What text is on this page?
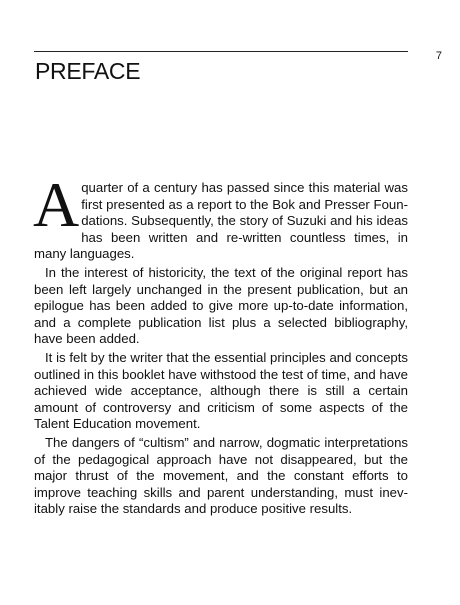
7
PREFACE

A quarter of a century has passed since this material was first presented as a report to the Bok and Presser Foundations. Subsequently, the story of Suzuki and his ideas has been written and re-written countless times, in many languages.

In the interest of historicity, the text of the original report has been left largely unchanged in the present publication, but an epilogue has been added to give more up-to-date information, and a complete publication list plus a selected bibliography, have been added.

It is felt by the writer that the essential principles and concepts outlined in this booklet have withstood the test of time, and have achieved wide acceptance, although there is still a certain amount of controversy and criticism of some aspects of the Talent Education movement.

The dangers of “cultism” and narrow, dogmatic interpretations of the pedagogical approach have not disappeared, but the major thrust of the movement, and the constant efforts to improve teaching skills and parent understanding, must inevitably raise the standards and produce positive results.
